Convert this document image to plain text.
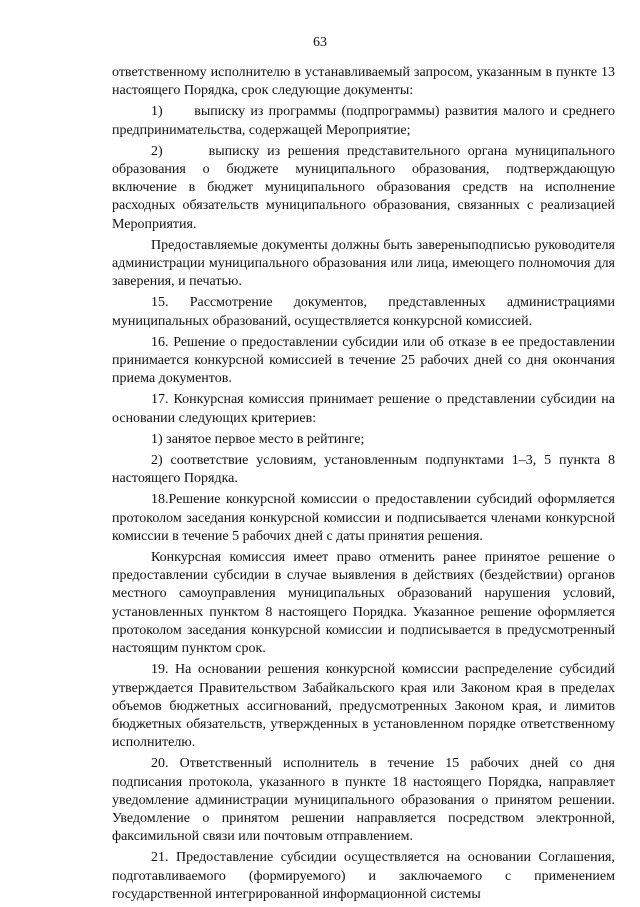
63

ответственному исполнителю в устанавливаемый запросом, указанным в пункте 13 настоящего Порядка, срок следующие документы:

1)      выписку из программы (подпрограммы) развития малого и среднего предпринимательства, содержащей Мероприятие;

2)      выписку из решения представительного органа муниципального образования о бюджете муниципального образования, подтверждающую включение в бюджет муниципального образования средств на исполнение расходных обязательств муниципального образования, связанных с реализацией Мероприятия.

Предоставляемые документы должны быть завереныподписью руководителя администрации муниципального образования или лица, имеющего полномочия для заверения, и печатью.

15. Рассмотрение документов, представленных администрациями муниципальных образований, осуществляется конкурсной комиссией.

16. Решение о предоставлении субсидии или об отказе в ее предоставлении принимается конкурсной комиссией в течение 25 рабочих дней со дня окончания приема документов.

17. Конкурсная комиссия принимает решение о представлении субсидии на основании следующих критериев:

1) занятое первое место в рейтинге;

2) соответствие условиям, установленным подпунктами 1–3, 5 пункта 8 настоящего Порядка.

18.Решение конкурсной комиссии о предоставлении субсидий оформляется протоколом заседания конкурсной комиссии и подписывается членами конкурсной комиссии в течение 5 рабочих дней с даты принятия решения.

Конкурсная комиссия имеет право отменить ранее принятое решение о предоставлении субсидии в случае выявления в действиях (бездействии) органов местного самоуправления муниципальных образований нарушения условий, установленных пунктом 8 настоящего Порядка. Указанное решение оформляется протоколом заседания конкурсной комиссии и подписывается в предусмотренный настоящим пунктом срок.

19. На основании решения конкурсной комиссии распределение субсидий утверждается Правительством Забайкальского края или Законом края в пределах объемов бюджетных ассигнований, предусмотренных Законом края, и лимитов бюджетных обязательств, утвержденных в установленном порядке ответственному исполнителю.

20. Ответственный исполнитель в течение 15 рабочих дней со дня подписания протокола, указанного в пункте 18 настоящего Порядка, направляет уведомление администрации муниципального образования о принятом решении. Уведомление о принятом решении направляется посредством электронной, факсимильной связи или почтовым отправлением.

21. Предоставление субсидии осуществляется на основании Соглашения, подготавливаемого (формируемого) и заключаемого с применением государственной интегрированной информационной системы
